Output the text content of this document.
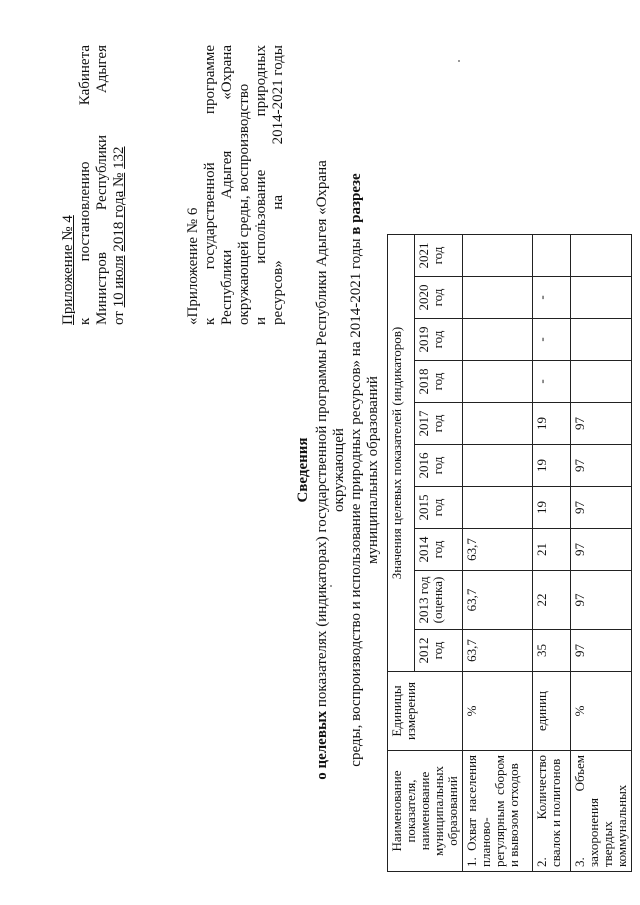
Приложение № 4 к
постановлению
Кабинета
Министров
Республики
Адыгея
от 10 июля 2018 года № 132
«Приложение № 6 к
государственной
программе
Республики
Адыгея
«Охрана
окружающей среды, воспроизводство и
использование
природных
ресурсов»
на
2014-2021 годы
Сведения
о целевых показателях (индикаторах) государственной программы Республики Адыгея «Охрана окружающей среды, воспроизводство и использование природных ресурсов» на 2014-2021 годы в разрезе
муниципальных образований
Наименование показателя, наименование муниципальных образований	Единицы измерения	Значения целевых показателей (индикаторов)									
		2012 год	2013 год (оценка)	2014 год	2015 год	2016 год	2017 год	2018 год	2019 год	2020 год	2021 год
1. Охват населения планово-регулярным сбором и вывозом отходов	%	63,7	63,7	63,7							
2. Количество свалок и полигонов	единиц	35	22	21	19	19	19	-	-	-	
3. Объем захоронения твердых коммунальных	%	97	97	97	97	97	97				
